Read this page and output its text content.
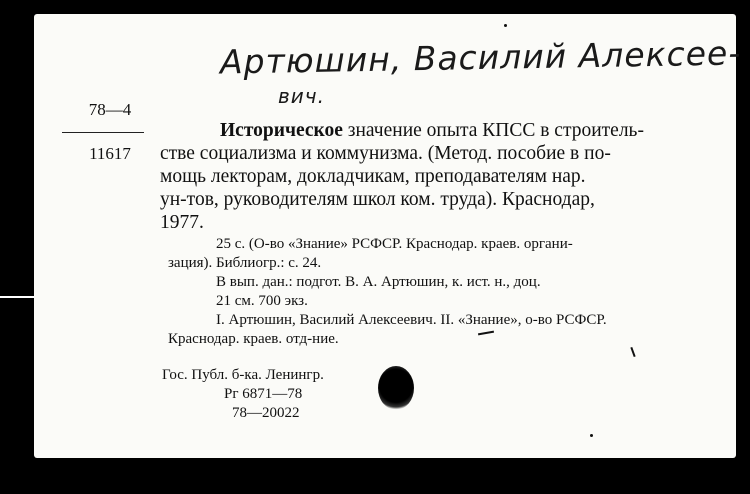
Артюшин, Василий Алексее-
вич.
78—4
11617
Историческое значение опыта КПСС в строитель-
стве социализма и коммунизма. (Метод. пособие в по-
мощь лекторам, докладчикам, преподавателям нар.
ун-тов, руководителям школ ком. труда). Краснодар,
1977.
25 с. (О-во «Знание» РСФСР. Краснодар. краев. органи-
зация). Библиогр.: с. 24.
В вып. дан.: подгот. В. А. Артюшин, к. ист. н., доц.
21 см. 700 экз.
I. Артюшин, Василий Алексеевич. II. «Знание», о-во РСФСР.
Краснодар. краев. отд-ние.
Гос. Публ. б-ка. Ленингр.
Рг 6871—78
78—20022
